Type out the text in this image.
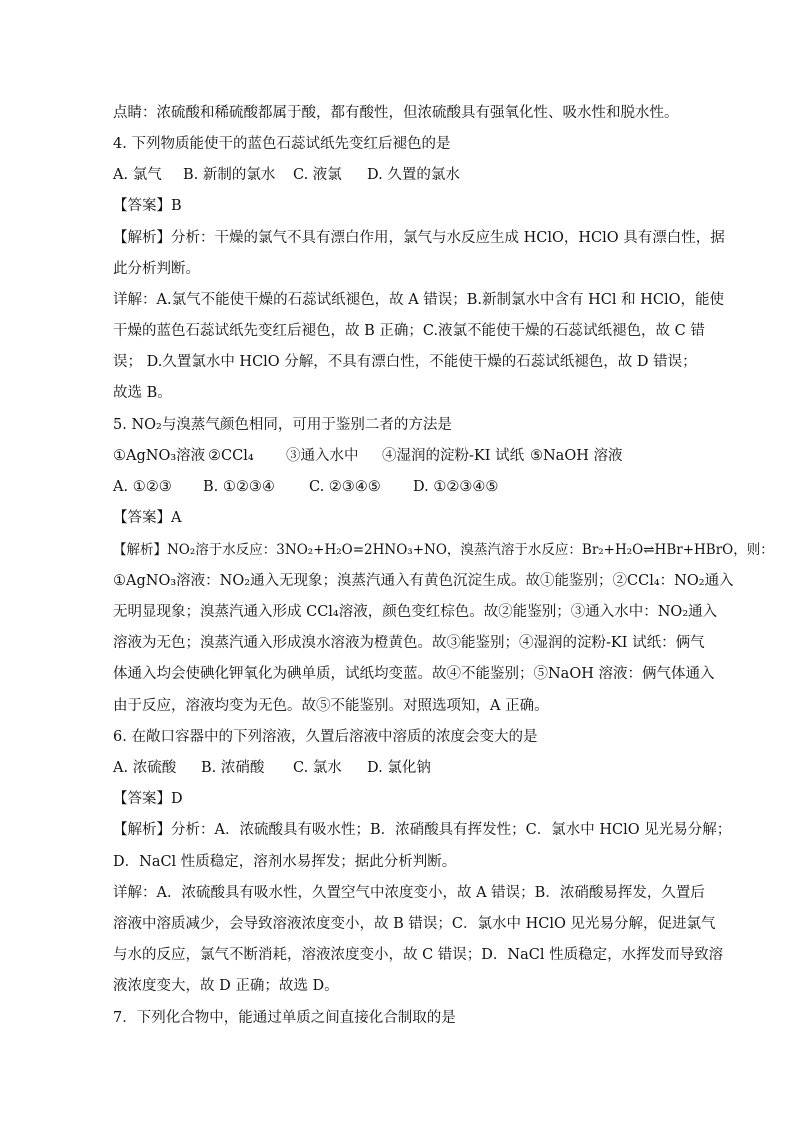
点睛：浓硫酸和稀硫酸都属于酸，都有酸性，但浓硫酸具有强氧化性、吸水性和脱水性。
4. 下列物质能使干的蓝色石蕊试纸先变红后褪色的是
A. 氯气 B. 新制的氯水 C. 液氯 D. 久置的氯水
【答案】B
【解析】分析：干燥的氯气不具有漂白作用，氯气与水反应生成 HClO，HClO 具有漂白性，据
此分析判断。
详解：A.氯气不能使干燥的石蕊试纸褪色，故 A 错误；B.新制氯水中含有 HCl 和 HClO，能使
干燥的蓝色石蕊试纸先变红后褪色，故 B 正确；C.液氯不能使干燥的石蕊试纸褪色，故 C 错
误； D.久置氯水中 HClO 分解，不具有漂白性，不能使干燥的石蕊试纸褪色，故 D 错误；
故选 B。
5. NO₂与溴蒸气颜色相同，可用于鉴别二者的方法是
①AgNO₃溶液 ②CCl₄ ③通入水中 ④湿润的淀粉-KI 试纸 ⑤NaOH 溶液
A. ①②③ B. ①②③④ C. ②③④⑤ D. ①②③④⑤
【答案】A
【解析】NO₂溶于水反应：3NO₂+H₂O=2HNO₃+NO，溴蒸汽溶于水反应：Br₂+H₂O⇌HBr+HBrO，则：
①AgNO₃溶液：NO₂通入无现象；溴蒸汽通入有黄色沉淀生成。故①能鉴别；②CCl₄：NO₂通入
无明显现象；溴蒸汽通入形成 CCl₄溶液，颜色变红棕色。故②能鉴别；③通入水中：NO₂通入
溶液为无色；溴蒸汽通入形成溴水溶液为橙黄色。故③能鉴别；④湿润的淀粉-KI 试纸：俩气
体通入均会使碘化钾氧化为碘单质，试纸均变蓝。故④不能鉴别；⑤NaOH 溶液：俩气体通入
由于反应，溶液均变为无色。故⑤不能鉴别。对照选项知，A 正确。
6. 在敞口容器中的下列溶液，久置后溶液中溶质的浓度会变大的是
A. 浓硫酸 B. 浓硝酸 C. 氯水 D. 氯化钠
【答案】D
【解析】分析：A．浓硫酸具有吸水性；B．浓硝酸具有挥发性；C．氯水中 HClO 见光易分解；
D．NaCl 性质稳定，溶剂水易挥发；据此分析判断。
详解：A．浓硫酸具有吸水性，久置空气中浓度变小，故 A 错误；B．浓硝酸易挥发，久置后
溶液中溶质减少，会导致溶液浓度变小，故 B 错误；C．氯水中 HClO 见光易分解，促进氯气
与水的反应，氯气不断消耗，溶液浓度变小，故 C 错误；D．NaCl 性质稳定，水挥发而导致溶
液浓度变大，故 D 正确；故选 D。
7．下列化合物中，能通过单质之间直接化合制取的是
